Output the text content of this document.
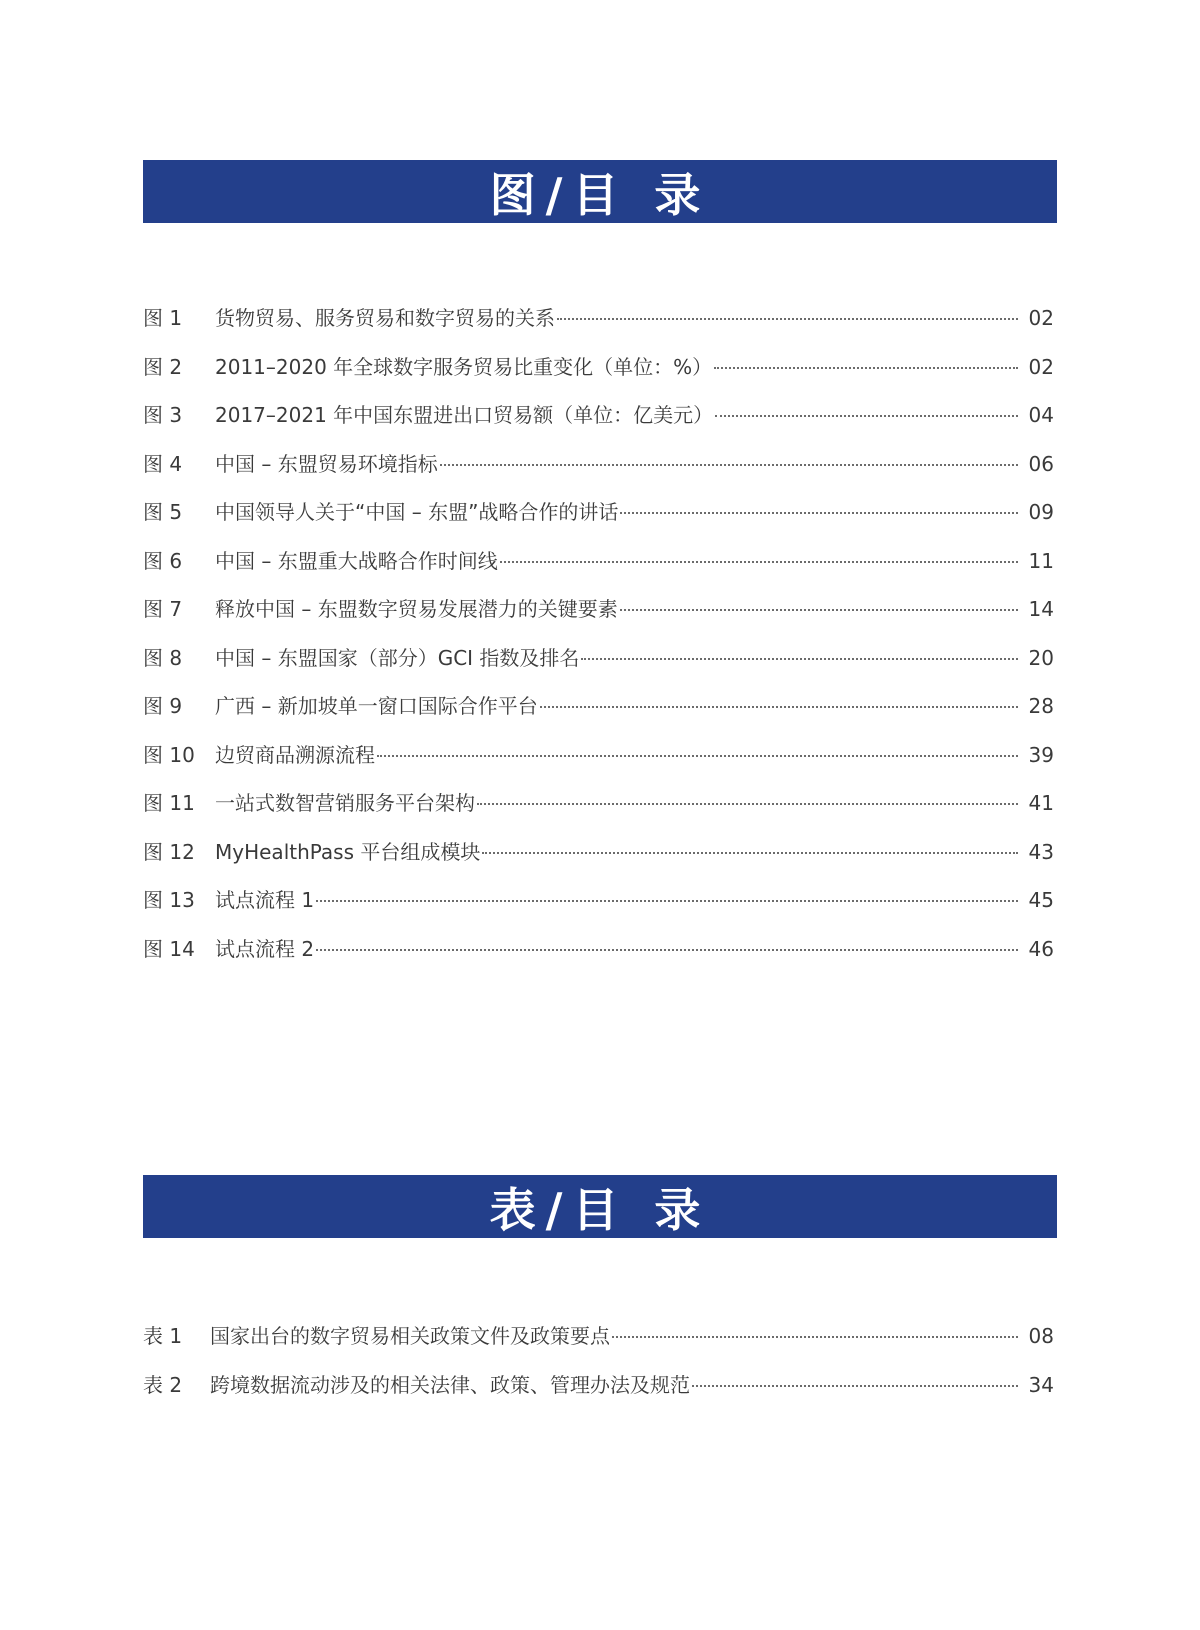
图/目 录
图 1	货物贸易、服务贸易和数字贸易的关系	02
图 2	2011–2020 年全球数字服务贸易比重变化（单位：%）	02
图 3	2017–2021 年中国东盟进出口贸易额（单位：亿美元）	04
图 4	中国 – 东盟贸易环境指标	06
图 5	中国领导人关于“中国 – 东盟”战略合作的讲话	09
图 6	中国 – 东盟重大战略合作时间线	11
图 7	释放中国 – 东盟数字贸易发展潜力的关键要素	14
图 8	中国 – 东盟国家（部分）GCI 指数及排名	20
图 9	广西 – 新加坡单一窗口国际合作平台	28
图 10	边贸商品溯源流程	39
图 11	一站式数智营销服务平台架构	41
图 12	MyHealthPass 平台组成模块	43
图 13	试点流程 1	45
图 14	试点流程 2	46
表/目 录
表 1	国家出台的数字贸易相关政策文件及政策要点	08
表 2	跨境数据流动涉及的相关法律、政策、管理办法及规范	34
